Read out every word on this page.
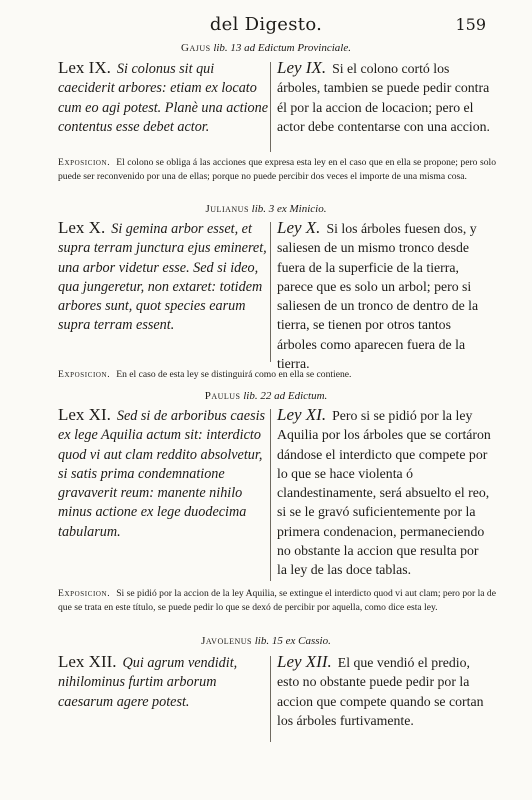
del Digesto.	159
Gajus lib. 13 ad Edictum Provinciale.
Lex IX. Si colonus sit qui caeciderit arbores: etiam ex locato cum eo agi potest. Planè una actione contentus esse debet actor.
Ley IX. Si el colono cortó los árboles, tambien se puede pedir contra él por la accion de locacion; pero el actor debe contentarse con una accion.
Exposicion. El colono se obliga á las acciones que expresa esta ley en el caso que en ella se propone; pero solo puede ser reconvenido por una de ellas; porque no puede percibir dos veces el importe de una misma cosa.
Julianus lib. 3 ex Minicio.
Lex X. Si gemina arbor esset, et supra terram junctura ejus emineret, una arbor videtur esse. Sed si ideo, qua jungeretur, non extaret: totidem arbores sunt, quot species earum supra terram essent.
Ley X. Si los árboles fuesen dos, y saliesen de un mismo tronco desde fuera de la superficie de la tierra, parece que es solo un arbol; pero si saliesen de un tronco de dentro de la tierra, se tienen por otros tantos árboles como aparecen fuera de la tierra.
Exposicion. En el caso de esta ley se distinguirá como en ella se contiene.
Paulus lib. 22 ad Edictum.
Lex XI. Sed si de arboribus caesis ex lege Aquilia actum sit: interdicto quod vi aut clam reddito absolvetur, si satis prima condemnatione gravaverit reum: manente nihilo minus actione ex lege duodecima tabularum.
Ley XI. Pero si se pidió por la ley Aquilia por los árboles que se cortáron dándose el interdicto que compete por lo que se hace violenta ó clandestinamente, será absuelto el reo, si se le gravó suficientemente por la primera condenacion, permaneciendo no obstante la accion que resulta por la ley de las doce tablas.
Exposicion. Si se pidió por la accion de la ley Aquilia, se extingue el interdicto quod vi aut clam; pero por la de que se trata en este título, se puede pedir lo que se dexó de percibir por aquella, como dice esta ley.
Javolenus lib. 15 ex Cassio.
Lex XII. Qui agrum vendidit, nihilominus furtim arborum caesarum agere potest.
Ley XII. El que vendió el predio, esto no obstante puede pedir por la accion que compete quando se cortan los árboles furtivamente.
